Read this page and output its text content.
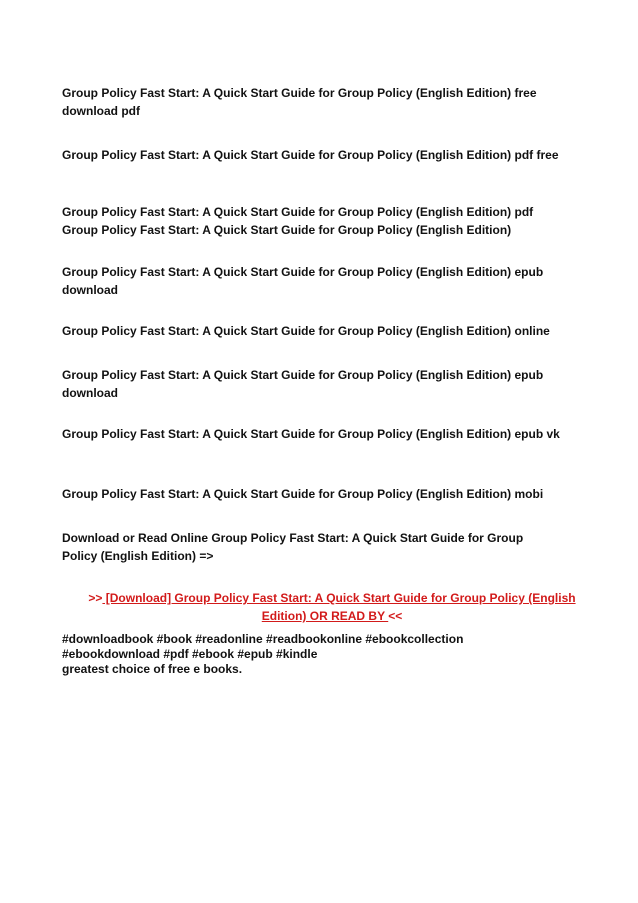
Group Policy Fast Start: A Quick Start Guide for Group Policy (English Edition) free
download pdf

Group Policy Fast Start: A Quick Start Guide for Group Policy (English Edition) pdf free

Group Policy Fast Start: A Quick Start Guide for Group Policy (English Edition) pdf
Group Policy Fast Start: A Quick Start Guide for Group Policy (English Edition)

Group Policy Fast Start: A Quick Start Guide for Group Policy (English Edition) epub
download

Group Policy Fast Start: A Quick Start Guide for Group Policy (English Edition) online

Group Policy Fast Start: A Quick Start Guide for Group Policy (English Edition) epub
download

Group Policy Fast Start: A Quick Start Guide for Group Policy (English Edition) epub vk

Group Policy Fast Start: A Quick Start Guide for Group Policy (English Edition) mobi

Download or Read Online Group Policy Fast Start: A Quick Start Guide for Group
Policy (English Edition) =>

>> [Download] Group Policy Fast Start: A Quick Start Guide for Group Policy (English
Edition) OR READ BY <<
#downloadbook #book #readonline #readbookonline #ebookcollection
#ebookdownload #pdf #ebook #epub #kindle
greatest choice of free e books.
